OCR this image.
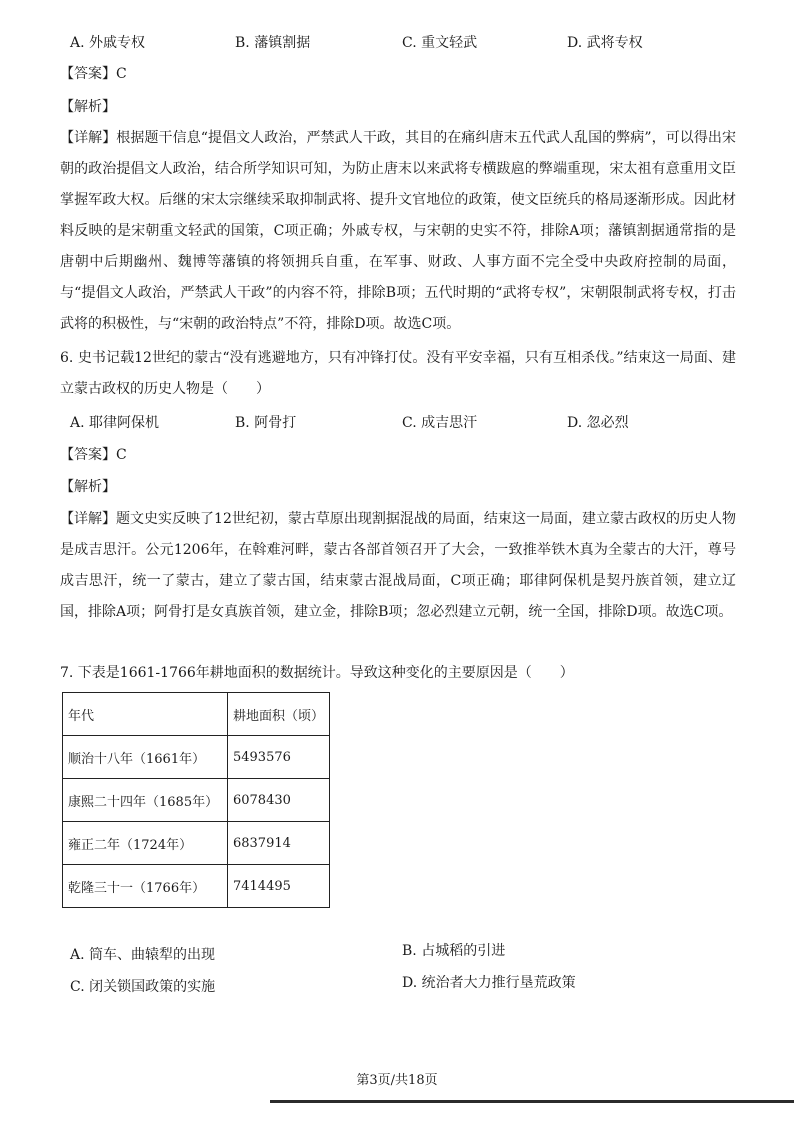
A. 外戚专权	B. 藩镇割据	C. 重文轻武	D. 武将专权
【答案】C
【解析】
【详解】根据题干信息“提倡文人政治，严禁武人干政，其目的在痛纠唐末五代武人乱国的弊病”，可以得出宋朝的政治提倡文人政治，结合所学知识可知，为防止唐末以来武将专横跋扈的弊端重现，宋太祖有意重用文臣掌握军政大权。后继的宋太宗继续采取抑制武将、提升文官地位的政策，使文臣统兵的格局逐渐形成。因此材料反映的是宋朝重文轻武的国策，C项正确；外戚专权，与宋朝的史实不符，排除A项；藩镇割据通常指的是唐朝中后期幽州、魏博等藩镇的将领拥兵自重，在军事、财政、人事方面不完全受中央政府控制的局面，与“提倡文人政治，严禁武人干政”的内容不符，排除B项；五代时期的“武将专权”，宋朝限制武将专权，打击武将的积极性，与“宋朝的政治特点”不符，排除D项。故选C项。
6. 史书记载12世纪的蒙古“没有逃避地方，只有冲锋打仗。没有平安幸福，只有互相杀伐。”结束这一局面、建立蒙古政权的历史人物是（　　）
A. 耶律阿保机	B. 阿骨打	C. 成吉思汗	D. 忽必烈
【答案】C
【解析】
【详解】题文史实反映了12世纪初，蒙古草原出现割据混战的局面，结束这一局面，建立蒙古政权的历史人物是成吉思汗。公元1206年，在斡难河畔，蒙古各部首领召开了大会，一致推举铁木真为全蒙古的大汗，尊号成吉思汗，统一了蒙古，建立了蒙古国，结束蒙古混战局面，C项正确；耶律阿保机是契丹族首领，建立辽国，排除A项；阿骨打是女真族首领，建立金，排除B项；忽必烈建立元朝，统一全国，排除D项。故选C项。
7. 下表是1661-1766年耕地面积的数据统计。导致这种变化的主要原因是（　　）
年代	耕地面积（顷）
顺治十八年（1661年）	5493576
康熙二十四年（1685年）	6078430
雍正二年（1724年）	6837914
乾隆三十一（1766年）	7414495
A. 筒车、曲辕犁的出现	B. 占城稻的引进
C. 闭关锁国政策的实施	D. 统治者大力推行垦荒政策
第3页/共18页
